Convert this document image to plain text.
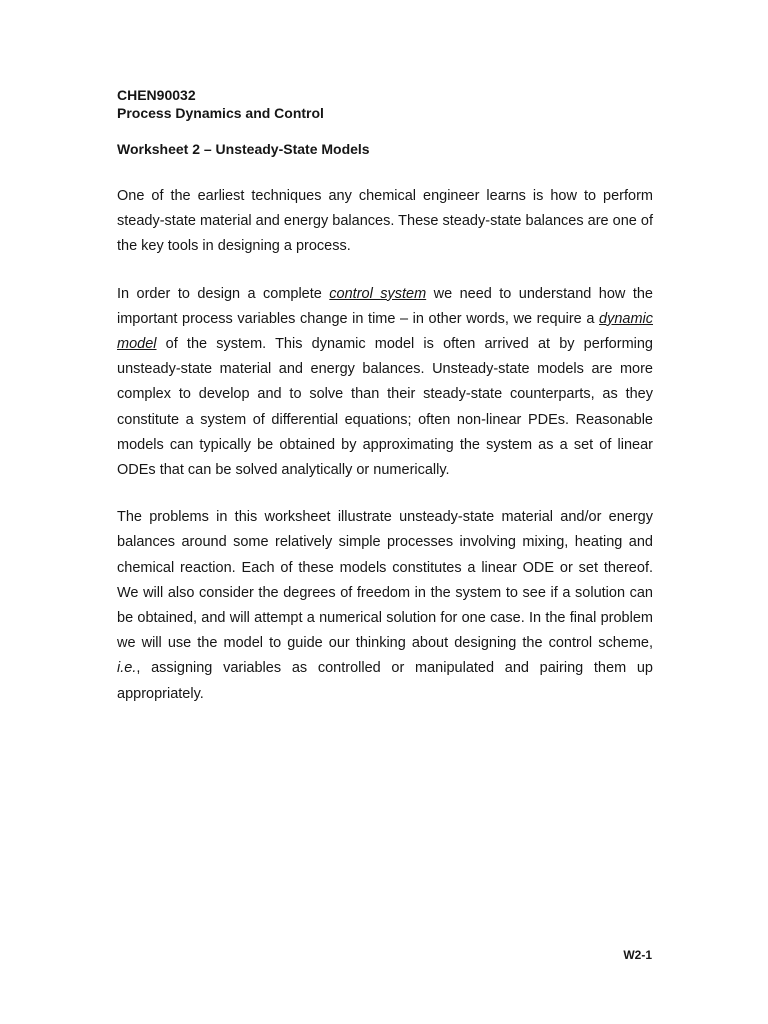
CHEN90032

Process Dynamics and Control

Worksheet 2 – Unsteady-State Models

One of the earliest techniques any chemical engineer learns is how to perform steady-state material and energy balances. These steady-state balances are one of the key tools in designing a process.

In order to design a complete control system we need to understand how the important process variables change in time – in other words, we require a dynamic model of the system. This dynamic model is often arrived at by performing unsteady-state material and energy balances. Unsteady-state models are more complex to develop and to solve than their steady-state counterparts, as they constitute a system of differential equations; often non-linear PDEs. Reasonable models can typically be obtained by approximating the system as a set of linear ODEs that can be solved analytically or numerically.

The problems in this worksheet illustrate unsteady-state material and/or energy balances around some relatively simple processes involving mixing, heating and chemical reaction. Each of these models constitutes a linear ODE or set thereof. We will also consider the degrees of freedom in the system to see if a solution can be obtained, and will attempt a numerical solution for one case. In the final problem we will use the model to guide our thinking about designing the control scheme, i.e., assigning variables as controlled or manipulated and pairing them up appropriately.

W2-1
